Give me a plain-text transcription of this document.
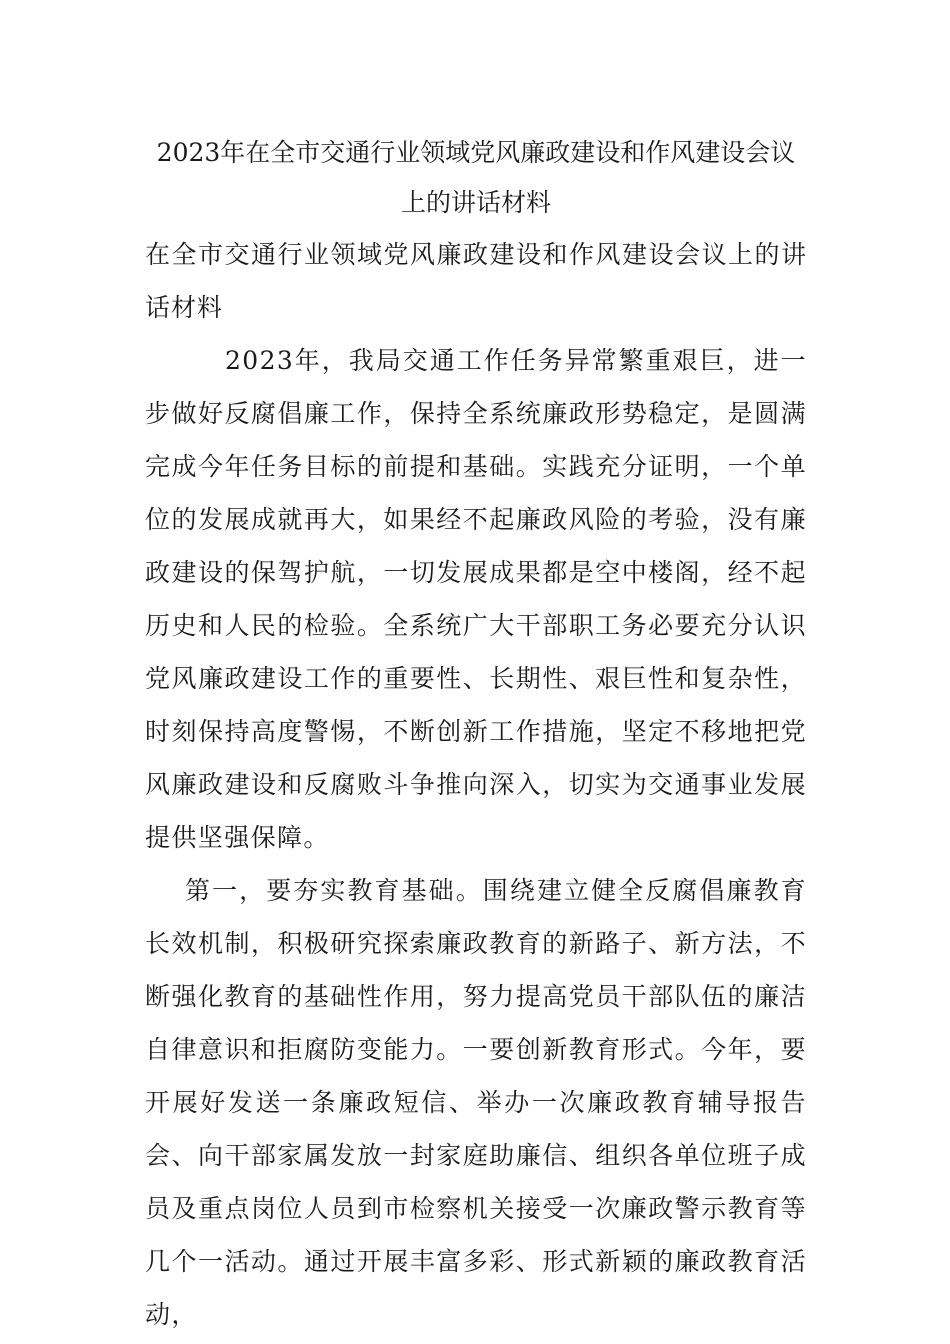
2023年在全市交通行业领域党风廉政建设和作风建设会议上的讲话材料

在全市交通行业领域党风廉政建设和作风建设会议上的讲话材料

2023年，我局交通工作任务异常繁重艰巨，进一步做好反腐倡廉工作，保持全系统廉政形势稳定，是圆满完成今年任务目标的前提和基础。实践充分证明，一个单位的发展成就再大，如果经不起廉政风险的考验，没有廉政建设的保驾护航，一切发展成果都是空中楼阁，经不起历史和人民的检验。全系统广大干部职工务必要充分认识党风廉政建设工作的重要性、长期性、艰巨性和复杂性，时刻保持高度警惕，不断创新工作措施，坚定不移地把党风廉政建设和反腐败斗争推向深入，切实为交通事业发展提供坚强保障。

第一，要夯实教育基础。围绕建立健全反腐倡廉教育长效机制，积极研究探索廉政教育的新路子、新方法，不断强化教育的基础性作用，努力提高党员干部队伍的廉洁自律意识和拒腐防变能力。一要创新教育形式。今年，要开展好发送一条廉政短信、举办一次廉政教育辅导报告会、向干部家属发放一封家庭助廉信、组织各单位班子成员及重点岗位人员到市检察机关接受一次廉政警示教育等几个一活动。通过开展丰富多彩、形式新颖的廉政教育活动，
